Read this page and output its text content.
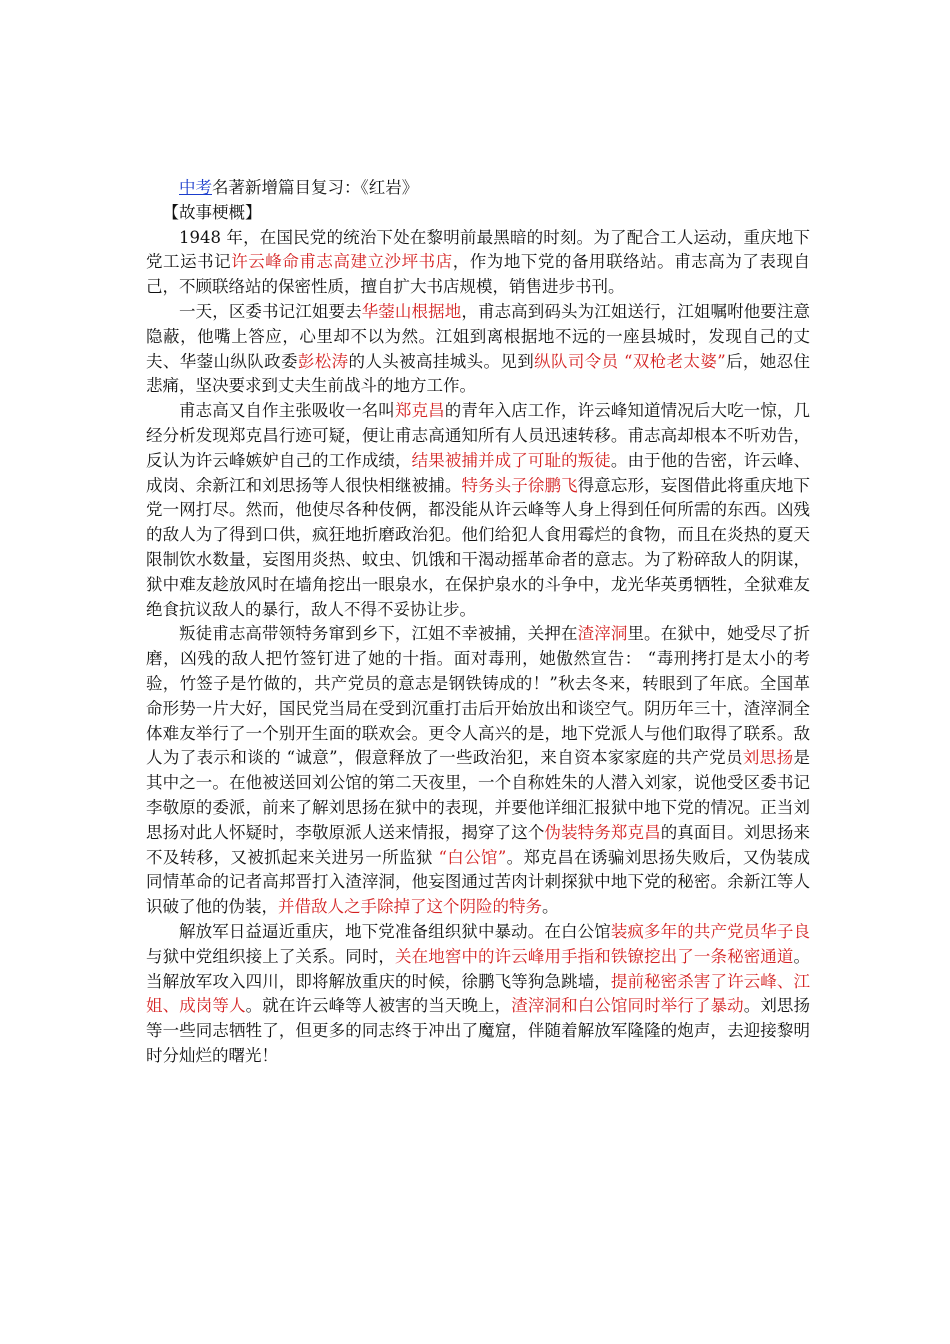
中考名著新增篇目复习：《红岩》
【故事梗概】

1948 年，在国民党的统治下处在黎明前最黑暗的时刻。为了配合工人运动，重庆地下党工运书记许云峰命甫志高建立沙坪书店，作为地下党的备用联络站。甫志高为了表现自己，不顾联络站的保密性质，擅自扩大书店规模，销售进步书刊。

一天，区委书记江姐要去华蓥山根据地，甫志高到码头为江姐送行，江姐嘱咐他要注意隐蔽，他嘴上答应，心里却不以为然。江姐到离根据地不远的一座县城时，发现自己的丈夫、华蓥山纵队政委彭松涛的人头被高挂城头。见到纵队司令员 “双枪老太婆”后，她忍住悲痛，坚决要求到丈夫生前战斗的地方工作。

甫志高又自作主张吸收一名叫郑克昌的青年入店工作，许云峰知道情况后大吃一惊，几经分析发现郑克昌行迹可疑，便让甫志高通知所有人员迅速转移。甫志高却根本不听劝告，反认为许云峰嫉妒自己的工作成绩，结果被捕并成了可耻的叛徒。由于他的告密，许云峰、成岗、余新江和刘思扬等人很快相继被捕。特务头子徐鹏飞得意忘形，妄图借此将重庆地下党一网打尽。然而，他使尽各种伎俩，都没能从许云峰等人身上得到任何所需的东西。凶残的敌人为了得到口供，疯狂地折磨政治犯。他们给犯人食用霉烂的食物，而且在炎热的夏天限制饮水数量，妄图用炎热、蚊虫、饥饿和干渴动摇革命者的意志。为了粉碎敌人的阴谋，狱中难友趁放风时在墙角挖出一眼泉水，在保护泉水的斗争中，龙光华英勇牺牲，全狱难友绝食抗议敌人的暴行，敌人不得不妥协让步。

叛徒甫志高带领特务窜到乡下，江姐不幸被捕，关押在渣滓洞里。在狱中，她受尽了折磨，凶残的敌人把竹签钉进了她的十指。面对毒刑，她傲然宣告： “毒刑拷打是太小的考验，竹签子是竹做的，共产党员的意志是钢铁铸成的！”秋去冬来，转眼到了年底。全国革命形势一片大好，国民党当局在受到沉重打击后开始放出和谈空气。阴历年三十，渣滓洞全体难友举行了一个别开生面的联欢会。更令人高兴的是，地下党派人与他们取得了联系。敌人为了表示和谈的 “诚意”，假意释放了一些政治犯，来自资本家家庭的共产党员刘思扬是其中之一。在他被送回刘公馆的第二天夜里，一个自称姓朱的人潜入刘家，说他受区委书记李敬原的委派，前来了解刘思扬在狱中的表现，并要他详细汇报狱中地下党的情况。正当刘思扬对此人怀疑时，李敬原派人送来情报，揭穿了这个伪装特务郑克昌的真面目。刘思扬来不及转移，又被抓起来关进另一所监狱 “白公馆”。郑克昌在诱骗刘思扬失败后，又伪装成同情革命的记者高邦晋打入渣滓洞，他妄图通过苦肉计刺探狱中地下党的秘密。余新江等人识破了他的伪装，并借敌人之手除掉了这个阴险的特务。

解放军日益逼近重庆，地下党准备组织狱中暴动。在白公馆装疯多年的共产党员华子良与狱中党组织接上了关系。同时，关在地窖中的许云峰用手指和铁镣挖出了一条秘密通道。当解放军攻入四川，即将解放重庆的时候，徐鹏飞等狗急跳墙，提前秘密杀害了许云峰、江姐、成岗等人。就在许云峰等人被害的当天晚上，渣滓洞和白公馆同时举行了暴动。刘思扬等一些同志牺牲了，但更多的同志终于冲出了魔窟，伴随着解放军隆隆的炮声，去迎接黎明时分灿烂的曙光！
